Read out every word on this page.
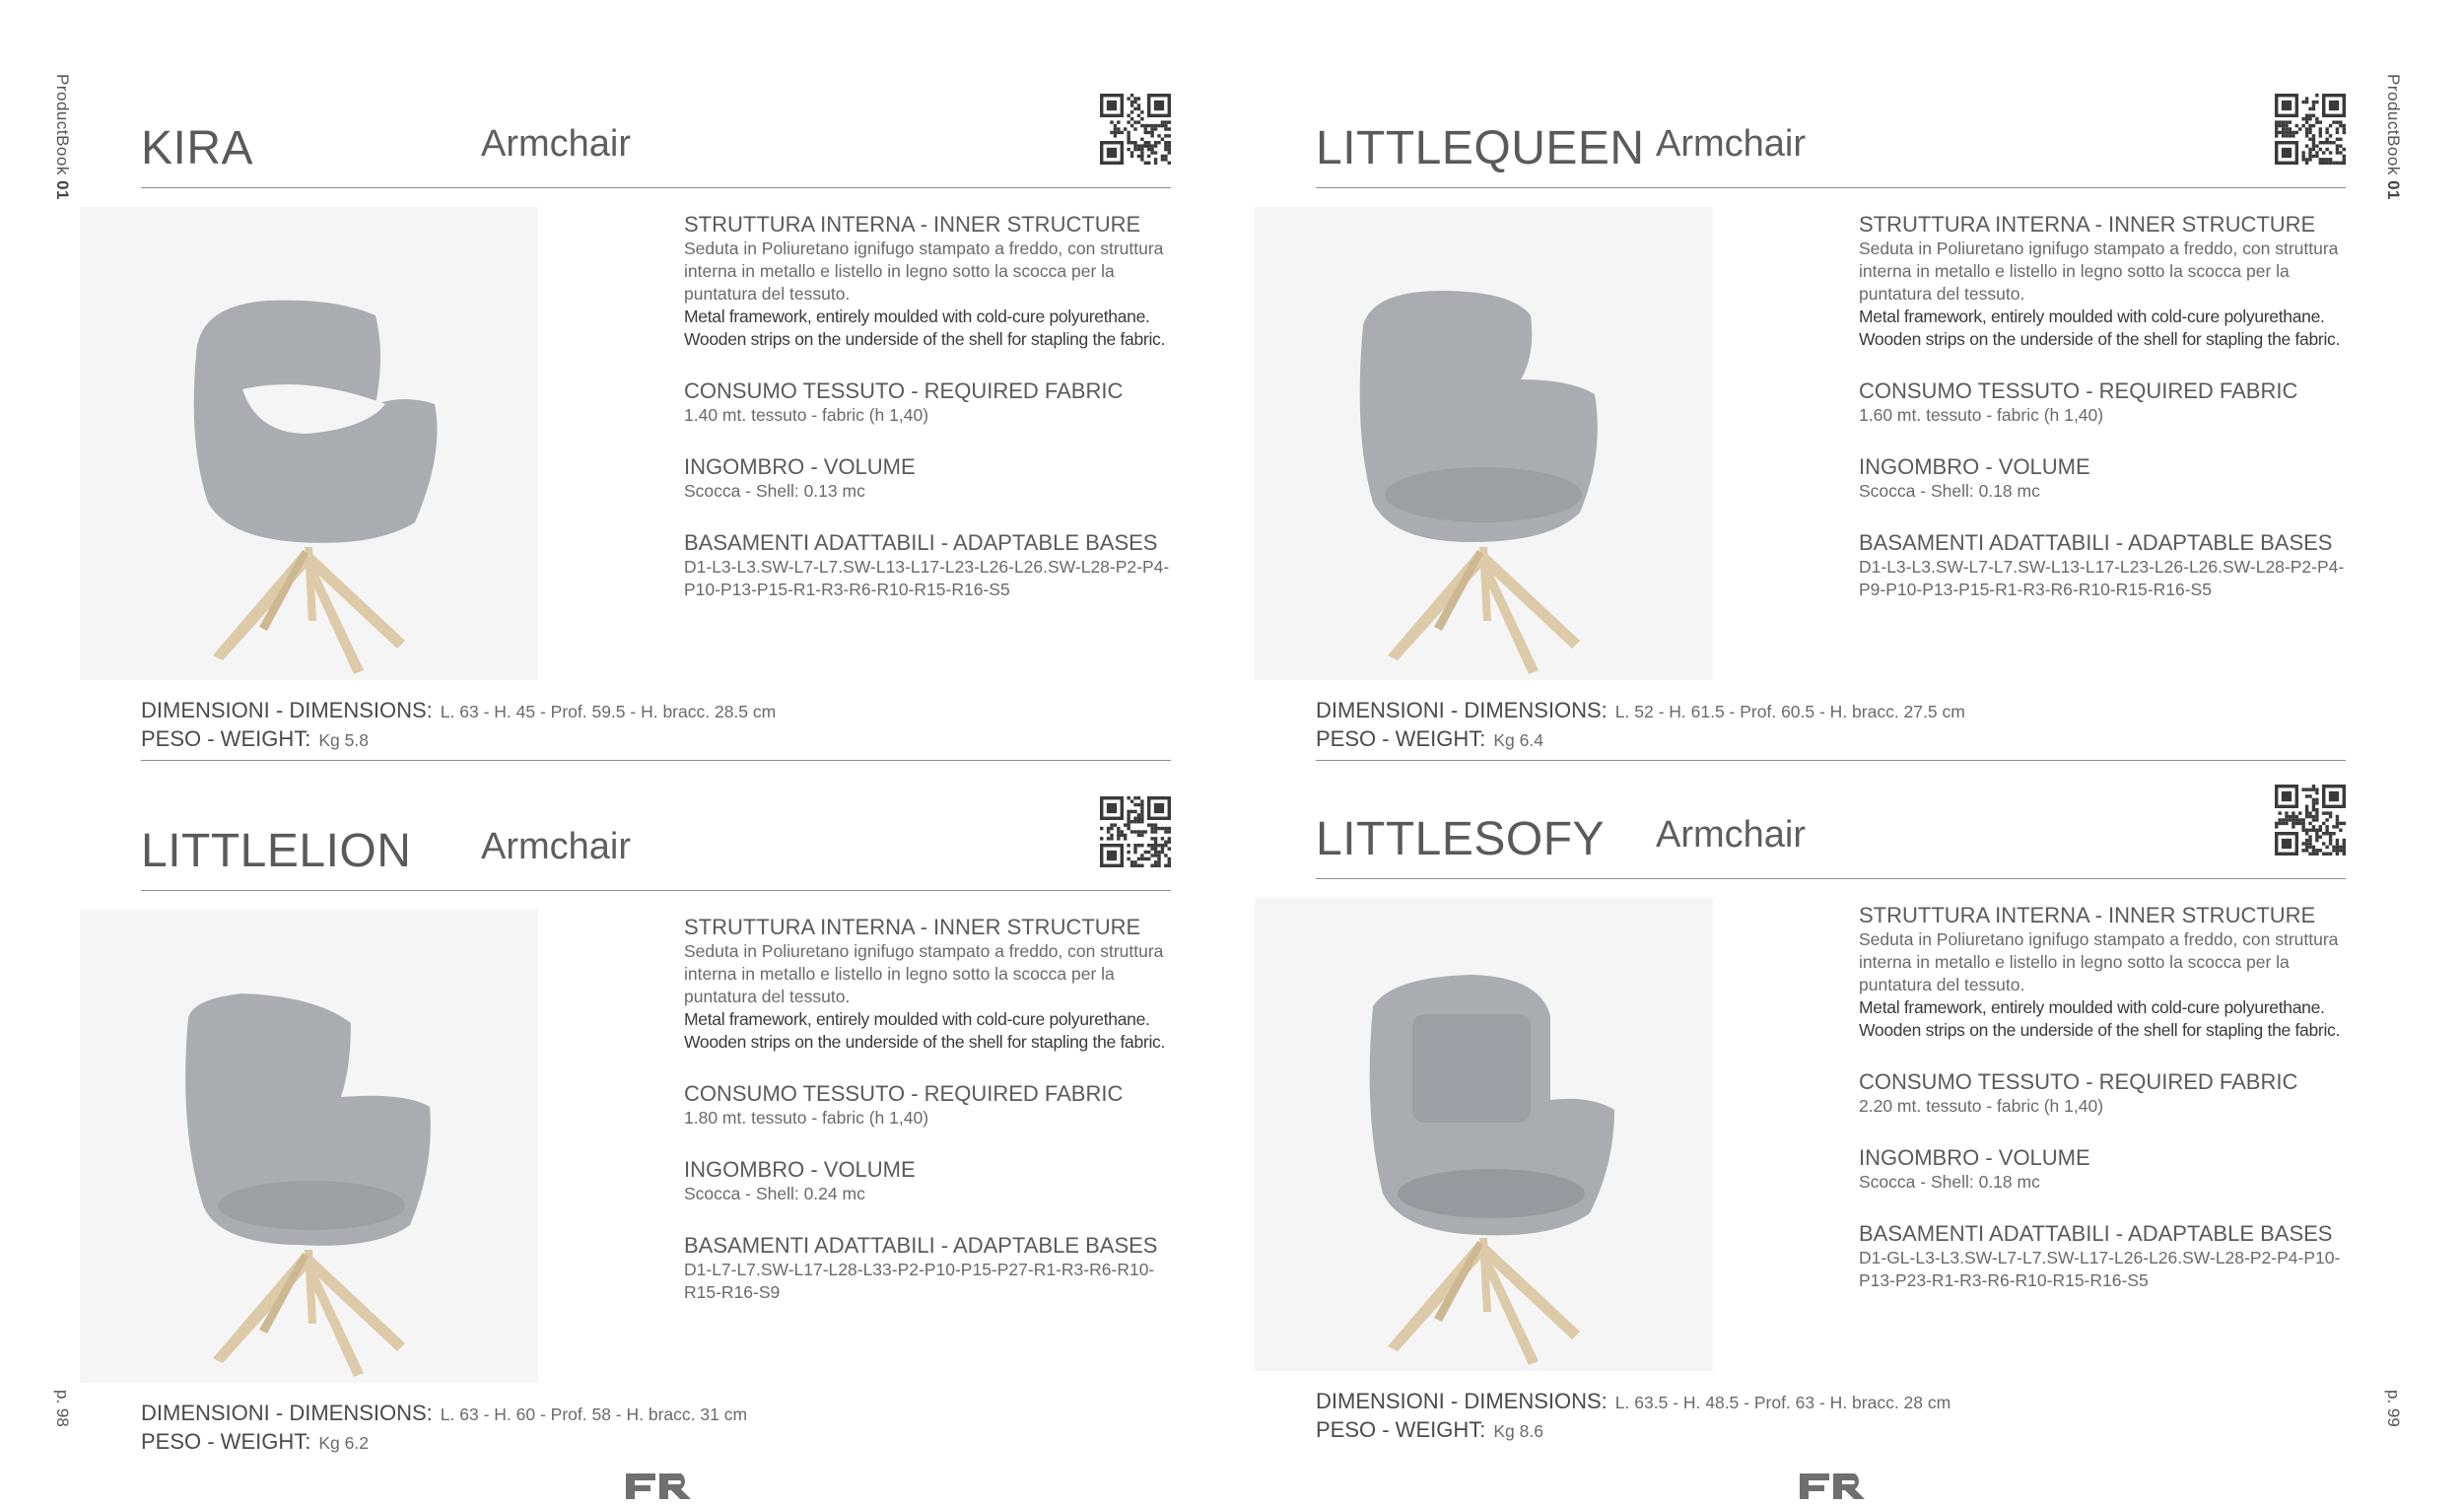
ProductBook 01
p. 98
ProductBook 01
p. 99
KIRA	Armchair
STRUTTURA INTERNA - INNER STRUCTURE
Seduta in Poliuretano ignifugo stampato a freddo, con struttura interna in metallo e listello in legno sotto la scocca per la puntatura del tessuto.
Metal framework, entirely moulded with cold-cure polyurethane. Wooden strips on the underside of the shell for stapling the fabric.
CONSUMO TESSUTO - REQUIRED FABRIC
1.40 mt. tessuto - fabric (h 1,40)
INGOMBRO - VOLUME
Scocca - Shell: 0.13 mc
BASAMENTI ADATTABILI - ADAPTABLE BASES
D1-L3-L3.SW-L7-L7.SW-L13-L17-L23-L26-L26.SW-L28-P2-P4-P10-P13-P15-R1-R3-R6-R10-R15-R16-S5
DIMENSIONI - DIMENSIONS: L. 63 - H. 45 - Prof. 59.5 - H. bracc. 28.5 cm
PESO - WEIGHT: Kg 5.8
LITTLEQUEEN Armchair
STRUTTURA INTERNA - INNER STRUCTURE
Seduta in Poliuretano ignifugo stampato a freddo, con struttura interna in metallo e listello in legno sotto la scocca per la puntatura del tessuto.
Metal framework, entirely moulded with cold-cure polyurethane. Wooden strips on the underside of the shell for stapling the fabric.
CONSUMO TESSUTO - REQUIRED FABRIC
1.60 mt. tessuto - fabric (h 1,40)
INGOMBRO - VOLUME
Scocca - Shell: 0.18 mc
BASAMENTI ADATTABILI - ADAPTABLE BASES
D1-L3-L3.SW-L7-L7.SW-L13-L17-L23-L26-L26.SW-L28-P2-P4-P9-P10-P13-P15-R1-R3-R6-R10-R15-R16-S5
DIMENSIONI - DIMENSIONS: L. 52 - H. 61.5 - Prof. 60.5 - H. bracc. 27.5 cm
PESO - WEIGHT: Kg 6.4
LITTLELION Armchair
STRUTTURA INTERNA - INNER STRUCTURE
Seduta in Poliuretano ignifugo stampato a freddo, con struttura interna in metallo e listello in legno sotto la scocca per la puntatura del tessuto.
Metal framework, entirely moulded with cold-cure polyurethane. Wooden strips on the underside of the shell for stapling the fabric.
CONSUMO TESSUTO - REQUIRED FABRIC
1.80 mt. tessuto - fabric (h 1,40)
INGOMBRO - VOLUME
Scocca - Shell: 0.24 mc
BASAMENTI ADATTABILI - ADAPTABLE BASES
D1-L7-L7.SW-L17-L28-L33-P2-P10-P15-P27-R1-R3-R6-R10-R15-R16-S9
DIMENSIONI - DIMENSIONS: L. 63 - H. 60 - Prof. 58 - H. bracc. 31 cm
PESO - WEIGHT: Kg 6.2
LITTLESOFY Armchair
STRUTTURA INTERNA - INNER STRUCTURE
Seduta in Poliuretano ignifugo stampato a freddo, con struttura interna in metallo e listello in legno sotto la scocca per la puntatura del tessuto.
Metal framework, entirely moulded with cold-cure polyurethane. Wooden strips on the underside of the shell for stapling the fabric.
CONSUMO TESSUTO - REQUIRED FABRIC
2.20 mt. tessuto - fabric (h 1,40)
INGOMBRO - VOLUME
Scocca - Shell: 0.18 mc
BASAMENTI ADATTABILI - ADAPTABLE BASES
D1-GL-L3-L3.SW-L7-L7.SW-L17-L26-L26.SW-L28-P2-P4-P10-P13-P23-R1-R3-R6-R10-R15-R16-S5
DIMENSIONI - DIMENSIONS: L. 63.5 - H. 48.5 - Prof. 63 - H. bracc. 28 cm
PESO - WEIGHT: Kg 8.6
